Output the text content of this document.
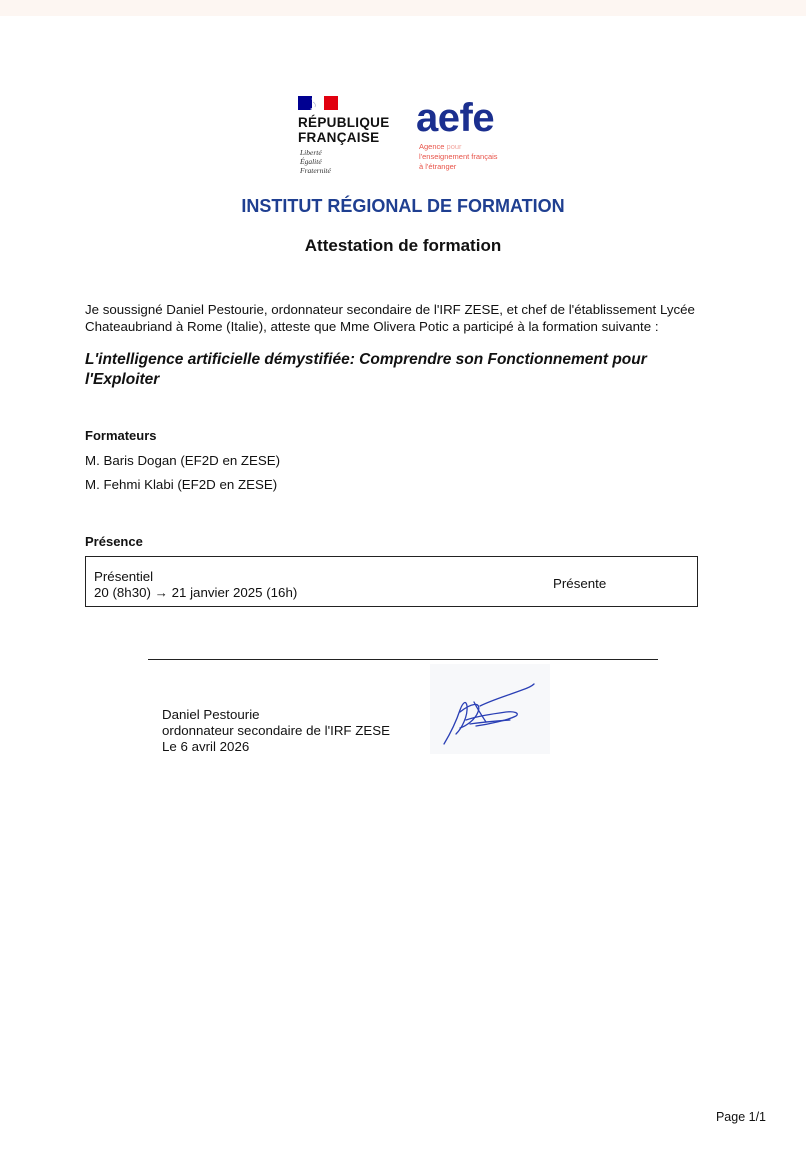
RÉPUBLIQUE
FRANÇAISE
Liberté
Égalité
Fraternité
aefe
Agence pour
l'enseignement français
à l'étranger
INSTITUT RÉGIONAL DE FORMATION
Attestation de formation
Je soussigné Daniel Pestourie, ordonnateur secondaire de l'IRF ZESE, et chef de l'établissement Lycée
Chateaubriand à Rome (Italie), atteste que Mme Olivera Potic a participé à la formation suivante :
L'intelligence artificielle démystifiée: Comprendre son Fonctionnement pour
l'Exploiter
Formateurs
M. Baris Dogan (EF2D en ZESE)
M. Fehmi Klabi (EF2D en ZESE)
Présence
Présentiel
20 (8h30) → 21 janvier 2025 (16h)
Présente
Daniel Pestourie
ordonnateur secondaire de l'IRF ZESE
Le 6 avril 2026
Page 1/1
